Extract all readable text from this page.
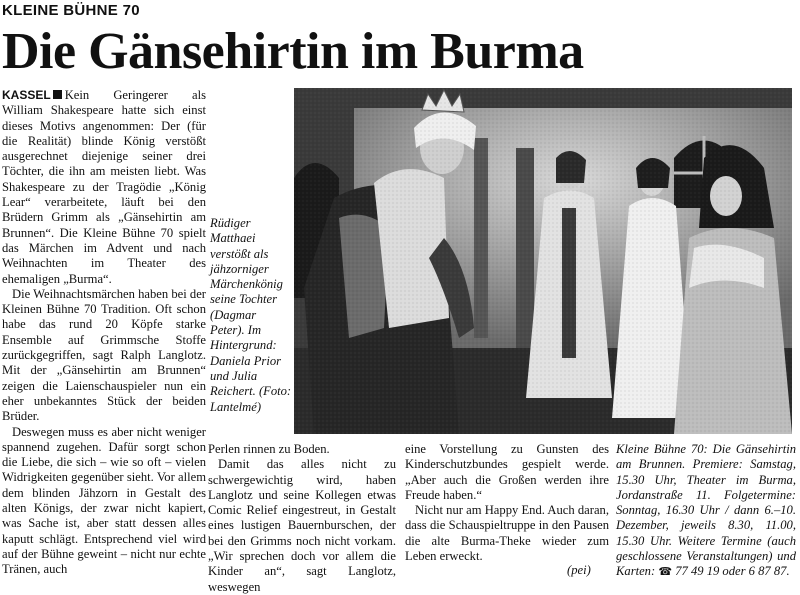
KLEINE BÜHNE 70
Die Gänsehirtin im Burma

KASSEL Kein Geringerer als William Shakespeare hatte sich einst dieses Motivs angenommen: Der (für die Realität) blinde König verstößt ausgerechnet diejenige seiner drei Töchter, die ihn am meisten liebt. Was Shakespeare zu der Tragödie „König Lear“ verarbeitete, läuft bei den Brüdern Grimm als „Gänsehirtin am Brunnen“. Die Kleine Bühne 70 spielt das Märchen im Advent und nach Weihnachten im Theater des ehemaligen „Burma“.

Die Weihnachtsmärchen haben bei der Kleinen Bühne 70 Tradition. Oft schon habe das rund 20 Köpfe starke Ensemble auf Grimmsche Stoffe zurückgegriffen, sagt Ralph Langlotz. Mit der „Gänsehirtin am Brunnen“ zeigen die Laienschauspieler nun ein eher unbekanntes Stück der beiden Brüder.

Deswegen muss es aber nicht weniger spannend zugehen. Dafür sorgt schon die Liebe, die sich – wie so oft – vielen Widrigkeiten gegenüber sieht. Vor allem dem blinden Jähzorn in Gestalt des alten Königs, der zwar nicht kapiert, was Sache ist, aber statt dessen alles kaputt schlägt. Entsprechend viel wird auf der Bühne geweint – nicht nur echte Tränen, auch

Rüdiger Matthaei verstößt als jähzorniger Märchenkönig seine Tochter (Dagmar Peter). Im Hintergrund: Daniela Prior und Julia Reichert. (Foto: Lantelmé)

Perlen rinnen zu Boden.

Damit das alles nicht zu schwergewichtig wird, haben Langlotz und seine Kollegen etwas Comic Relief eingestreut, in Gestalt eines lustigen Bauernburschen, der bei den Grimms noch nicht vorkam. „Wir sprechen doch vor allem die Kinder an“, sagt Langlotz, weswegen

eine Vorstellung zu Gunsten des Kinderschutzbundes gespielt werde. „Aber auch die Großen werden ihre Freude haben.“

Nicht nur am Happy End. Auch daran, dass die Schauspieltruppe in den Pausen die alte Burma-Theke wieder zum Leben erweckt.

(pei)
Kleine Bühne 70: Die Gänsehirtin am Brunnen. Premiere: Samstag, 15.30 Uhr, Theater im Burma, Jordanstraße 11. Folgetermine: Sonntag, 16.30 Uhr / dann 6.–10. Dezember, jeweils 8.30, 11.00, 15.30 Uhr. Weitere Termine (auch geschlossene Veranstaltungen) und Karten: ☎ 77 49 19 oder 6 87 87.
